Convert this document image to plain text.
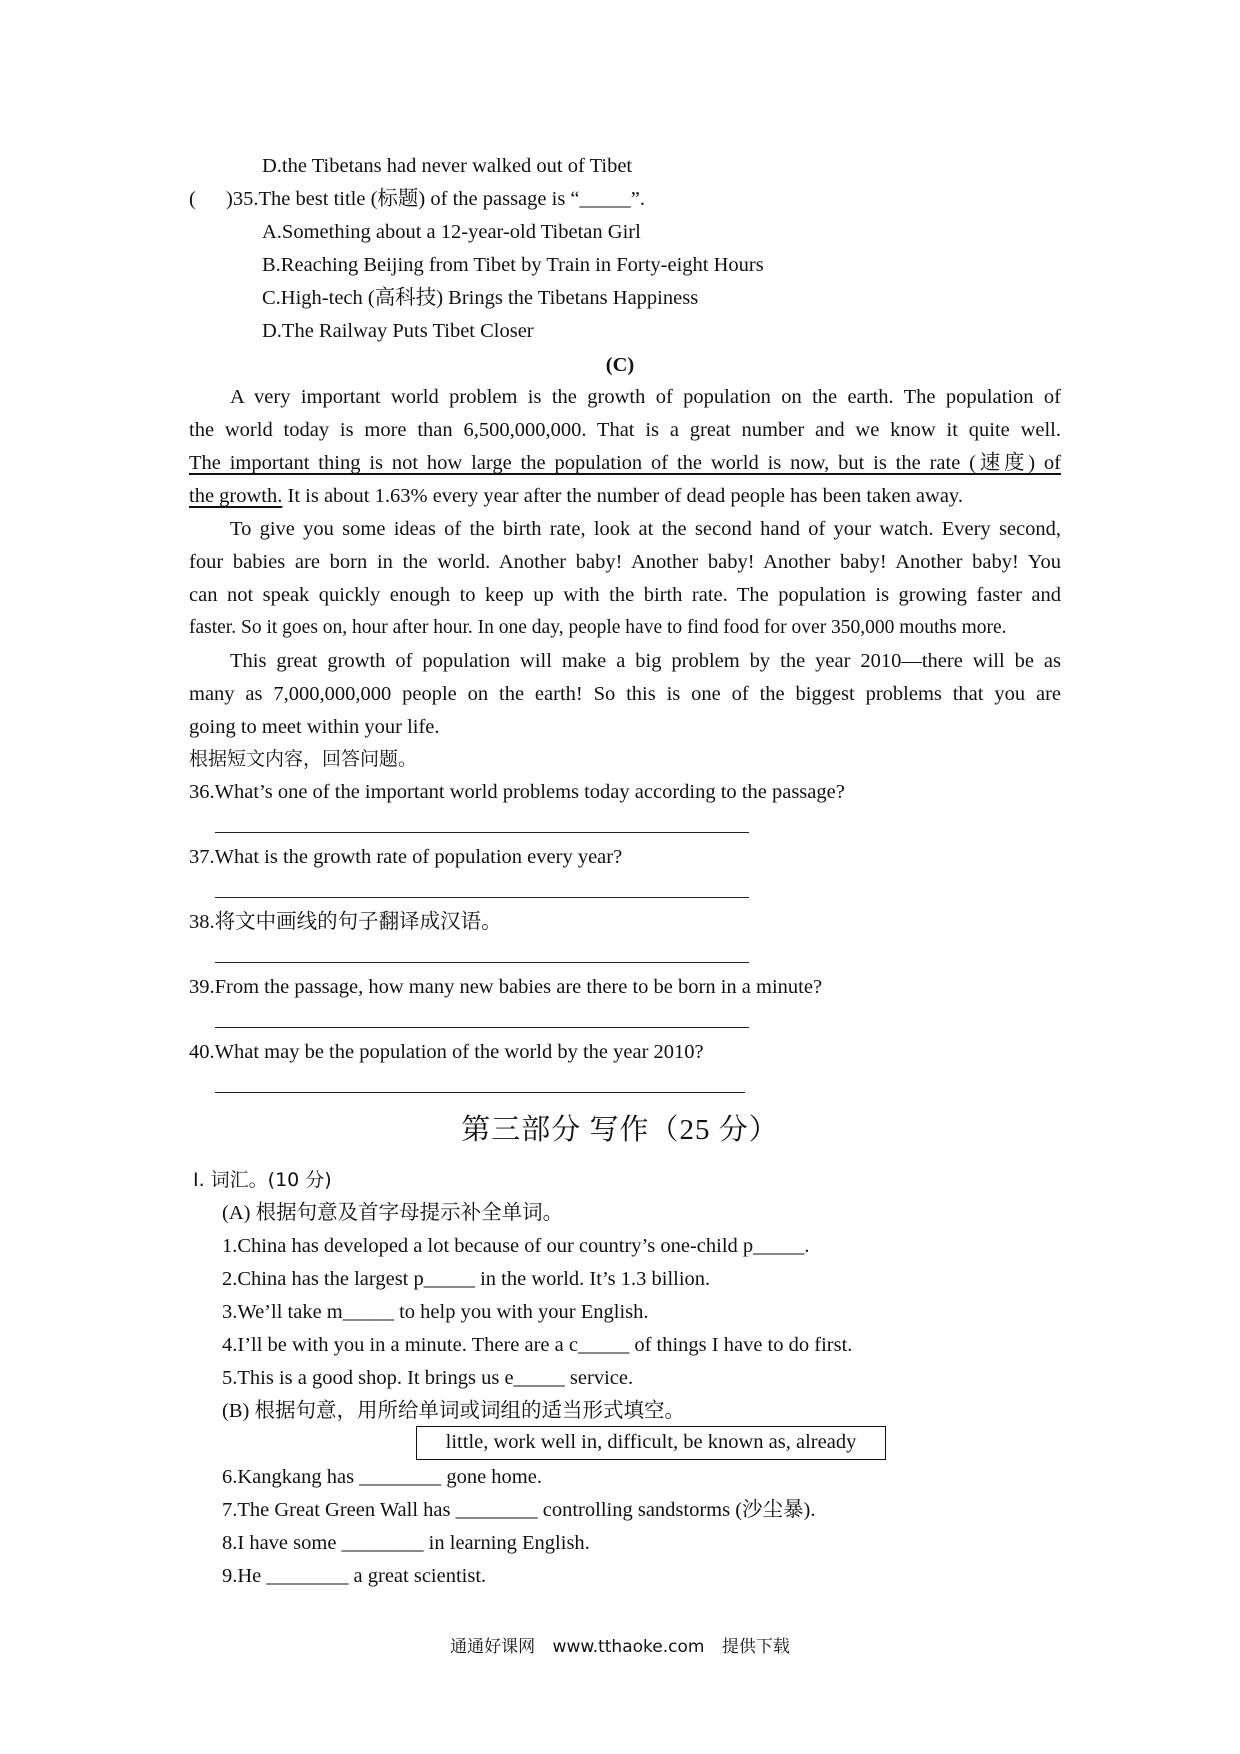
D.the Tibetans had never walked out of Tibet
( )35.The best title (标题) of the passage is “_____”.
A.Something about a 12-year-old Tibetan Girl
B.Reaching Beijing from Tibet by Train in Forty-eight Hours
C.High-tech (高科技) Brings the Tibetans Happiness
D.The Railway Puts Tibet Closer
(C)
A very important world problem is the growth of population on the earth. The population of
the world today is more than 6,500,000,000. That is a great number and we know it quite well.
The important thing is not how large the population of the world is now, but is the rate (速度) of
the growth. It is about 1.63% every year after the number of dead people has been taken away.
To give you some ideas of the birth rate, look at the second hand of your watch. Every second,
four babies are born in the world. Another baby! Another baby! Another baby! Another baby! You
can not speak quickly enough to keep up with the birth rate. The population is growing faster and
faster. So it goes on, hour after hour. In one day, people have to find food for over 350,000 mouths more.
This great growth of population will make a big problem by the year 2010—there will be as
many as 7,000,000,000 people on the earth! So this is one of the biggest problems that you are
going to meet within your life.
根据短文内容，回答问题。
36.What’s one of the important world problems today according to the passage?
37.What is the growth rate of population every year?
38.将文中画线的句子翻译成汉语。
39.From the passage, how many new babies are there to be born in a minute?
40.What may be the population of the world by the year 2010?
第三部分 写作（25 分）
Ⅰ. 词汇。(10 分)
(A) 根据句意及首字母提示补全单词。
1.China has developed a lot because of our country’s one-child p_____.
2.China has the largest p_____ in the world. It’s 1.3 billion.
3.We’ll take m_____ to help you with your English.
4.I’ll be with you in a minute. There are a c_____ of things I have to do first.
5.This is a good shop. It brings us e_____ service.
(B) 根据句意，用所给单词或词组的适当形式填空。
little, work well in, difficult, be known as, already
6.Kangkang has ________ gone home.
7.The Great Green Wall has ________ controlling sandstorms (沙尘暴).
8.I have some ________ in learning English.
9.He ________ a great scientist.
通通好课网 www.tthaoke.com 提供下载
